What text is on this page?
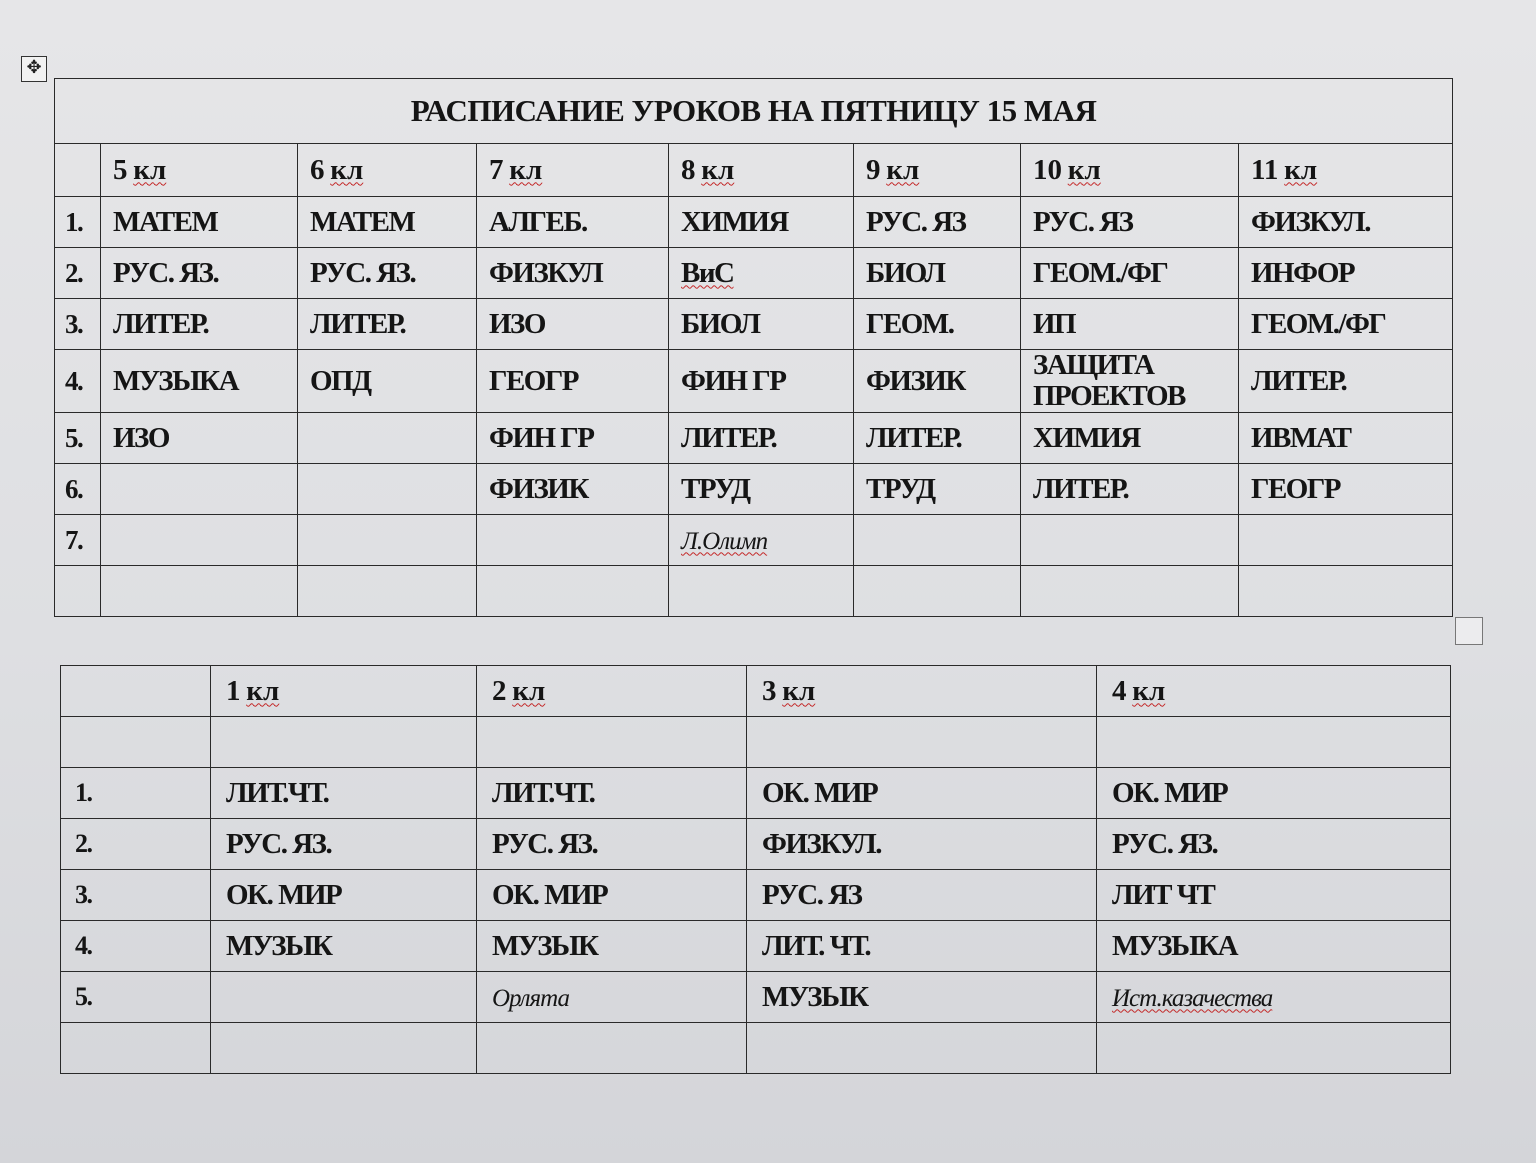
✥
РАСПИСАНИЕ УРОКОВ НА ПЯТНИЦУ 15 МАЯ							
	5 кл	6 кл	7 кл	8 кл	9 кл	10 кл	11 кл
1.	МАТЕМ	МАТЕМ	АЛГЕБ.	ХИМИЯ	РУС. ЯЗ	РУС. ЯЗ	ФИЗКУЛ.
2.	РУС. ЯЗ.	РУС. ЯЗ.	ФИЗКУЛ	ВиС	БИОЛ	ГЕОМ./ФГ	ИНФОР
3.	ЛИТЕР.	ЛИТЕР.	ИЗО	БИОЛ	ГЕОМ.	ИП	ГЕОМ./ФГ
4.	МУЗЫКА	ОПД	ГЕОГР	ФИН ГР	ФИЗИК	ЗАЩИТА ПРОЕКТОВ	ЛИТЕР.
5.	ИЗО		ФИН ГР	ЛИТЕР.	ЛИТЕР.	ХИМИЯ	ИВМАТ
6.			ФИЗИК	ТРУД	ТРУД	ЛИТЕР.	ГЕОГР
7.				Л.Олимп			

	1 кл	2 кл	3 кл	4 кл

1.	ЛИТ.ЧТ.	ЛИТ.ЧТ.	ОК. МИР	ОК. МИР
2.	РУС. ЯЗ.	РУС. ЯЗ.	ФИЗКУЛ.	РУС. ЯЗ.
3.	ОК. МИР	ОК. МИР	РУС. ЯЗ	ЛИТ ЧТ
4.	МУЗЫК	МУЗЫК	ЛИТ. ЧТ.	МУЗЫКА
5.		Орлята	МУЗЫК	Ист.казачества
